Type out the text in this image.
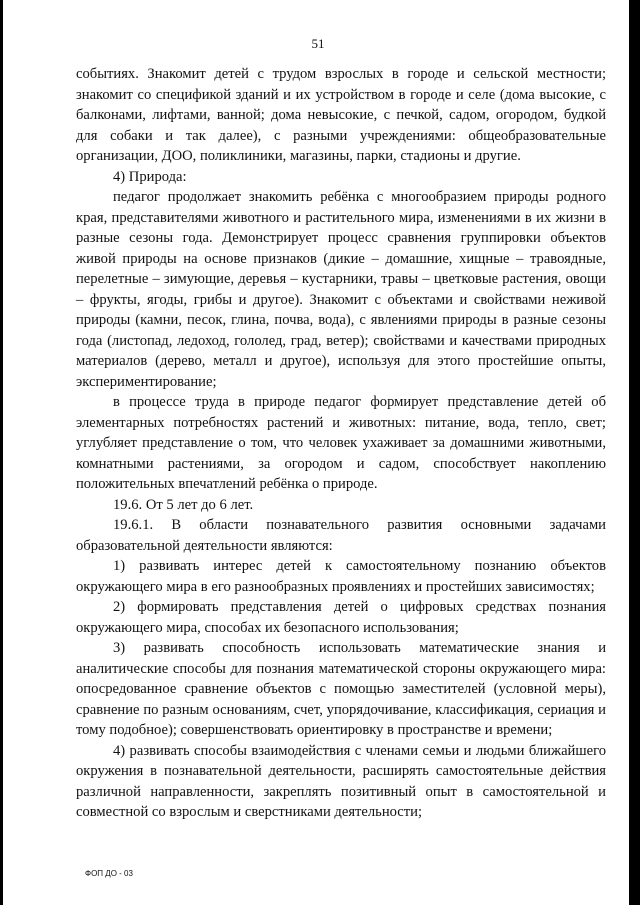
51

событиях. Знакомит детей с трудом взрослых в городе и сельской местности; знакомит со спецификой зданий и их устройством в городе и селе (дома высокие, с балконами, лифтами, ванной; дома невысокие, с печкой, садом, огородом, будкой для собаки и так далее), с разными учреждениями: общеобразовательные организации, ДОО, поликлиники, магазины, парки, стадионы и другие.

4) Природа:

педагог продолжает знакомить ребёнка с многообразием природы родного края, представителями животного и растительного мира, изменениями в их жизни в разные сезоны года. Демонстрирует процесс сравнения группировки объектов живой природы на основе признаков (дикие – домашние, хищные – травоядные, перелетные – зимующие, деревья – кустарники, травы – цветковые растения, овощи – фрукты, ягоды, грибы и другое). Знакомит с объектами и свойствами неживой природы (камни, песок, глина, почва, вода), с явлениями природы в разные сезоны года (листопад, ледоход, гололед, град, ветер); свойствами и качествами природных материалов (дерево, металл и другое), используя для этого простейшие опыты, экспериментирование;

в процессе труда в природе педагог формирует представление детей об элементарных потребностях растений и животных: питание, вода, тепло, свет; углубляет представление о том, что человек ухаживает за домашними животными, комнатными растениями, за огородом и садом, способствует накоплению положительных впечатлений ребёнка о природе.

19.6. От 5 лет до 6 лет.

19.6.1. В области познавательного развития основными задачами образовательной деятельности являются:

1) развивать интерес детей к самостоятельному познанию объектов окружающего мира в его разнообразных проявлениях и простейших зависимостях;

2) формировать представления детей о цифровых средствах познания окружающего мира, способах их безопасного использования;

3) развивать способность использовать математические знания и аналитические способы для познания математической стороны окружающего мира: опосредованное сравнение объектов с помощью заместителей (условной меры), сравнение по разным основаниям, счет, упорядочивание, классификация, сериация и тому подобное); совершенствовать ориентировку в пространстве и времени;

4) развивать способы взаимодействия с членами семьи и людьми ближайшего окружения в познавательной деятельности, расширять самостоятельные действия различной направленности, закреплять позитивный опыт в самостоятельной и совместной со взрослым и сверстниками деятельности;

ФОП ДО - 03
